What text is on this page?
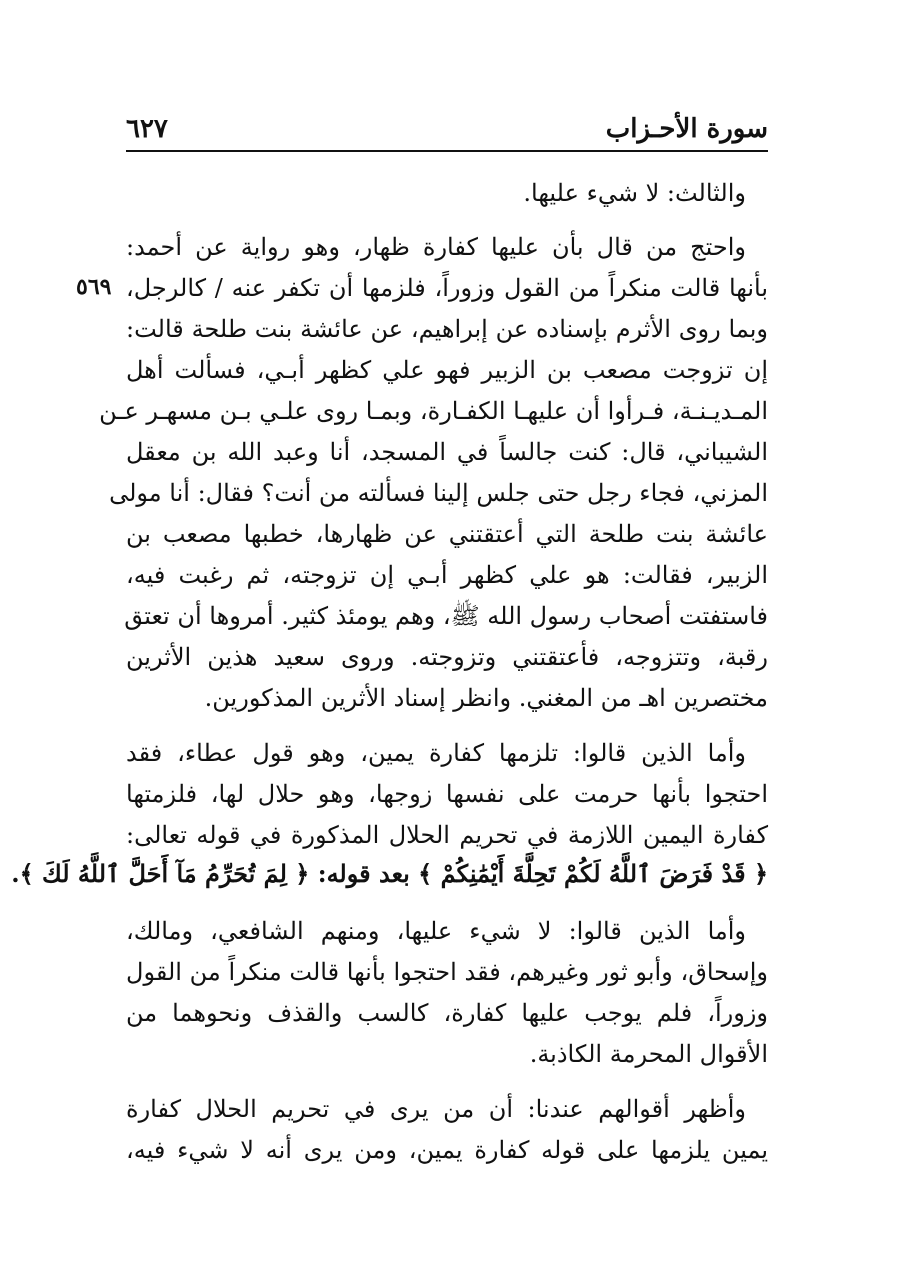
سورة الأحـزاب
٦٢٧
٥٦٩
والثالث: لا شيء عليها.
واحتج من قال بأن عليها كفارة ظهار، وهو رواية عن أحمد:
بأنها قالت منكراً من القول وزوراً، فلزمها أن تكفر عنه / كالرجل،
وبما روى الأثرم بإسناده عن إبراهيم، عن عائشة بنت طلحة قالت:
إن تزوجت مصعب بن الزبير فهو علي كظهر أبـي، فسألت أهل
المـديـنـة، فـرأوا أن عليهـا الكفـارة، وبمـا روى علـي بـن مسهـر عـن
الشيباني، قال: كنت جالساً في المسجد، أنا وعبد الله بن معقل
المزني، فجاء رجل حتى جلس إلينا فسألته من أنت؟ فقال: أنا مولى
عائشة بنت طلحة التي أعتقتني عن ظهارها، خطبها مصعب بن
الزبير، فقالت: هو علي كظهر أبـي إن تزوجته، ثم رغبت فيه،
فاستفتت أصحاب رسول الله ﷺ، وهم يومئذ كثير. أمروها أن تعتق
رقبة، وتتزوجه، فأعتقتني وتزوجته. وروى سعيد هذين الأثرين
مختصرين اهـ من المغني. وانظر إسناد الأثرين المذكورين.
وأما الذين قالوا: تلزمها كفارة يمين، وهو قول عطاء، فقد
احتجوا بأنها حرمت على نفسها زوجها، وهو حلال لها، فلزمتها
كفارة اليمين اللازمة في تحريم الحلال المذكورة في قوله تعالى:
﴿ قَدْ فَرَضَ ٱللَّهُ لَكُمْ تَحِلَّةَ أَيْمَٰنِكُمْ ﴾ بعد قوله: ﴿ لِمَ تُحَرِّمُ مَآ أَحَلَّ ٱللَّهُ لَكَ ﴾.
وأما الذين قالوا: لا شيء عليها، ومنهم الشافعي، ومالك،
وإسحاق، وأبو ثور وغيرهم، فقد احتجوا بأنها قالت منكراً من القول
وزوراً، فلم يوجب عليها كفارة، كالسب والقذف ونحوهما من
الأقوال المحرمة الكاذبة.
وأظهر أقوالهم عندنا: أن من يرى في تحريم الحلال كفارة
يمين يلزمها على قوله كفارة يمين، ومن يرى أنه لا شيء فيه،
